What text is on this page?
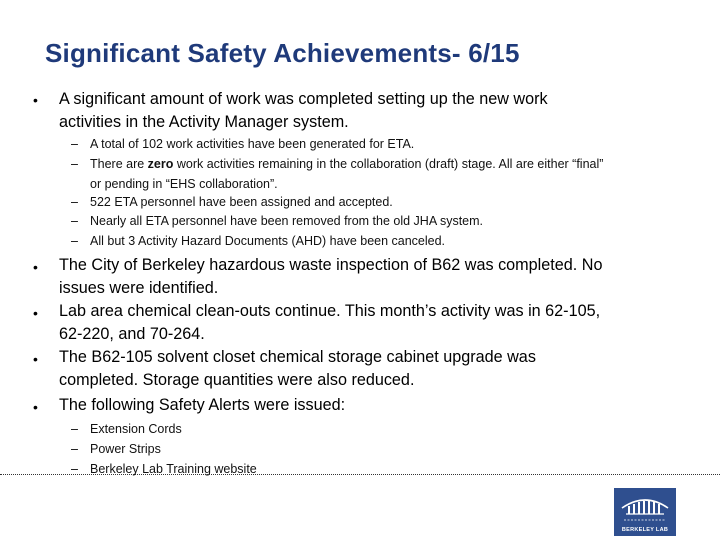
Significant Safety Achievements- 6/15
• A significant amount of work was completed setting up the new work
activities in the Activity Manager system.
– A total of 102 work activities have been generated for ETA.
– There are zero work activities remaining in the collaboration (draft) stage. All are either “final”
or pending in “EHS collaboration”.
– 522 ETA personnel have been assigned and accepted.
– Nearly all ETA personnel have been removed from the old JHA system.
– All but 3 Activity Hazard Documents (AHD) have been canceled.
• The City of Berkeley hazardous waste inspection of B62 was completed. No
issues were identified.
• Lab area chemical clean-outs continue. This month’s activity was in 62-105,
62-220, and 70-264.
• The B62-105 solvent closet chemical storage cabinet upgrade was
completed. Storage quantities were also reduced.
• The following Safety Alerts were issued:
– Extension Cords
– Power Strips
– Berkeley Lab Training website
BERKELEY LAB
